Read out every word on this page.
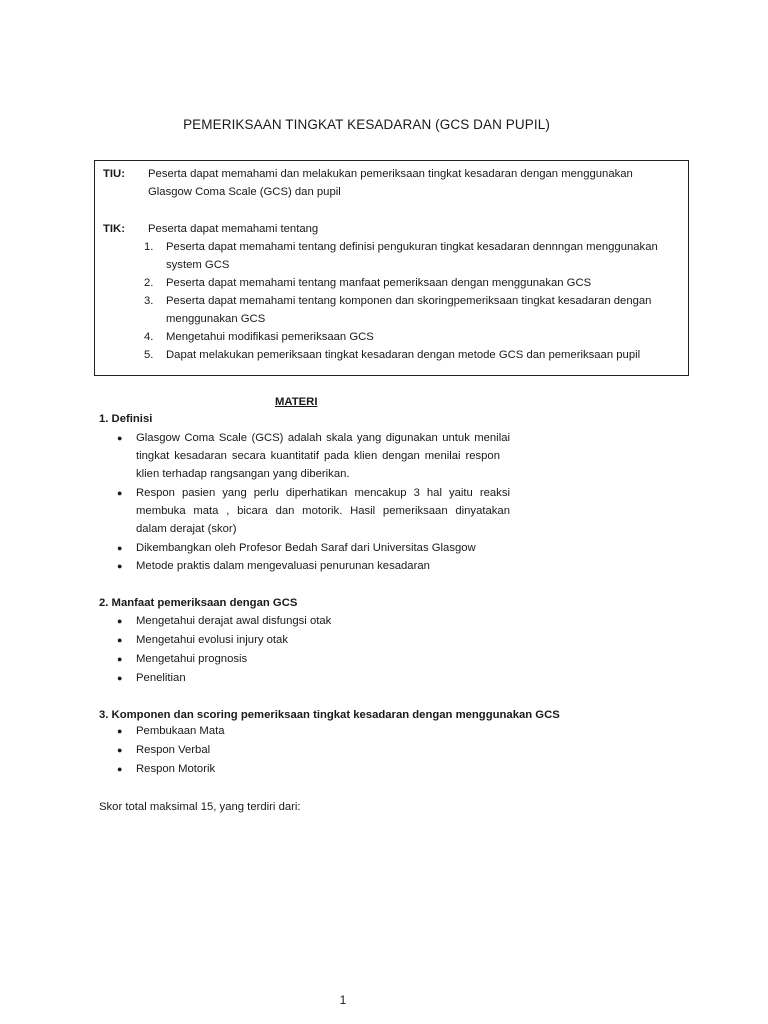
PEMERIKSAAN TINGKAT KESADARAN (GCS DAN PUPIL)
TIU: Peserta dapat memahami dan melakukan pemeriksaan tingkat kesadaran dengan menggunakan
Glasgow Coma Scale (GCS) dan pupil
TIK: Peserta dapat memahami tentang
1. Peserta dapat memahami tentang definisi pengukuran tingkat kesadaran dennngan menggunakan
system GCS
2. Peserta dapat memahami tentang manfaat pemeriksaan dengan menggunakan GCS
3. Peserta dapat memahami tentang komponen dan skoringpemeriksaan tingkat kesadaran dengan
menggunakan GCS
4. Mengetahui modifikasi pemeriksaan GCS
5. Dapat melakukan pemeriksaan tingkat kesadaran dengan metode GCS dan pemeriksaan pupil
MATERI
1. Definisi
● Glasgow Coma Scale (GCS) adalah skala yang digunakan untuk menilai
tingkat kesadaran secara kuantitatif pada klien dengan menilai respon
klien terhadap rangsangan yang diberikan.
● Respon pasien yang perlu diperhatikan mencakup 3 hal yaitu reaksi
membuka mata , bicara dan motorik. Hasil pemeriksaan dinyatakan
dalam derajat (skor)
● Dikembangkan oleh Profesor Bedah Saraf dari Universitas Glasgow
● Metode praktis dalam mengevaluasi penurunan kesadaran
2. Manfaat pemeriksaan dengan GCS
● Mengetahui derajat awal disfungsi otak
● Mengetahui evolusi injury otak
● Mengetahui prognosis
● Penelitian
3. Komponen dan scoring pemeriksaan tingkat kesadaran dengan menggunakan GCS
● Pembukaan Mata
● Respon Verbal
● Respon Motorik
Skor total maksimal 15, yang terdiri dari:
1
